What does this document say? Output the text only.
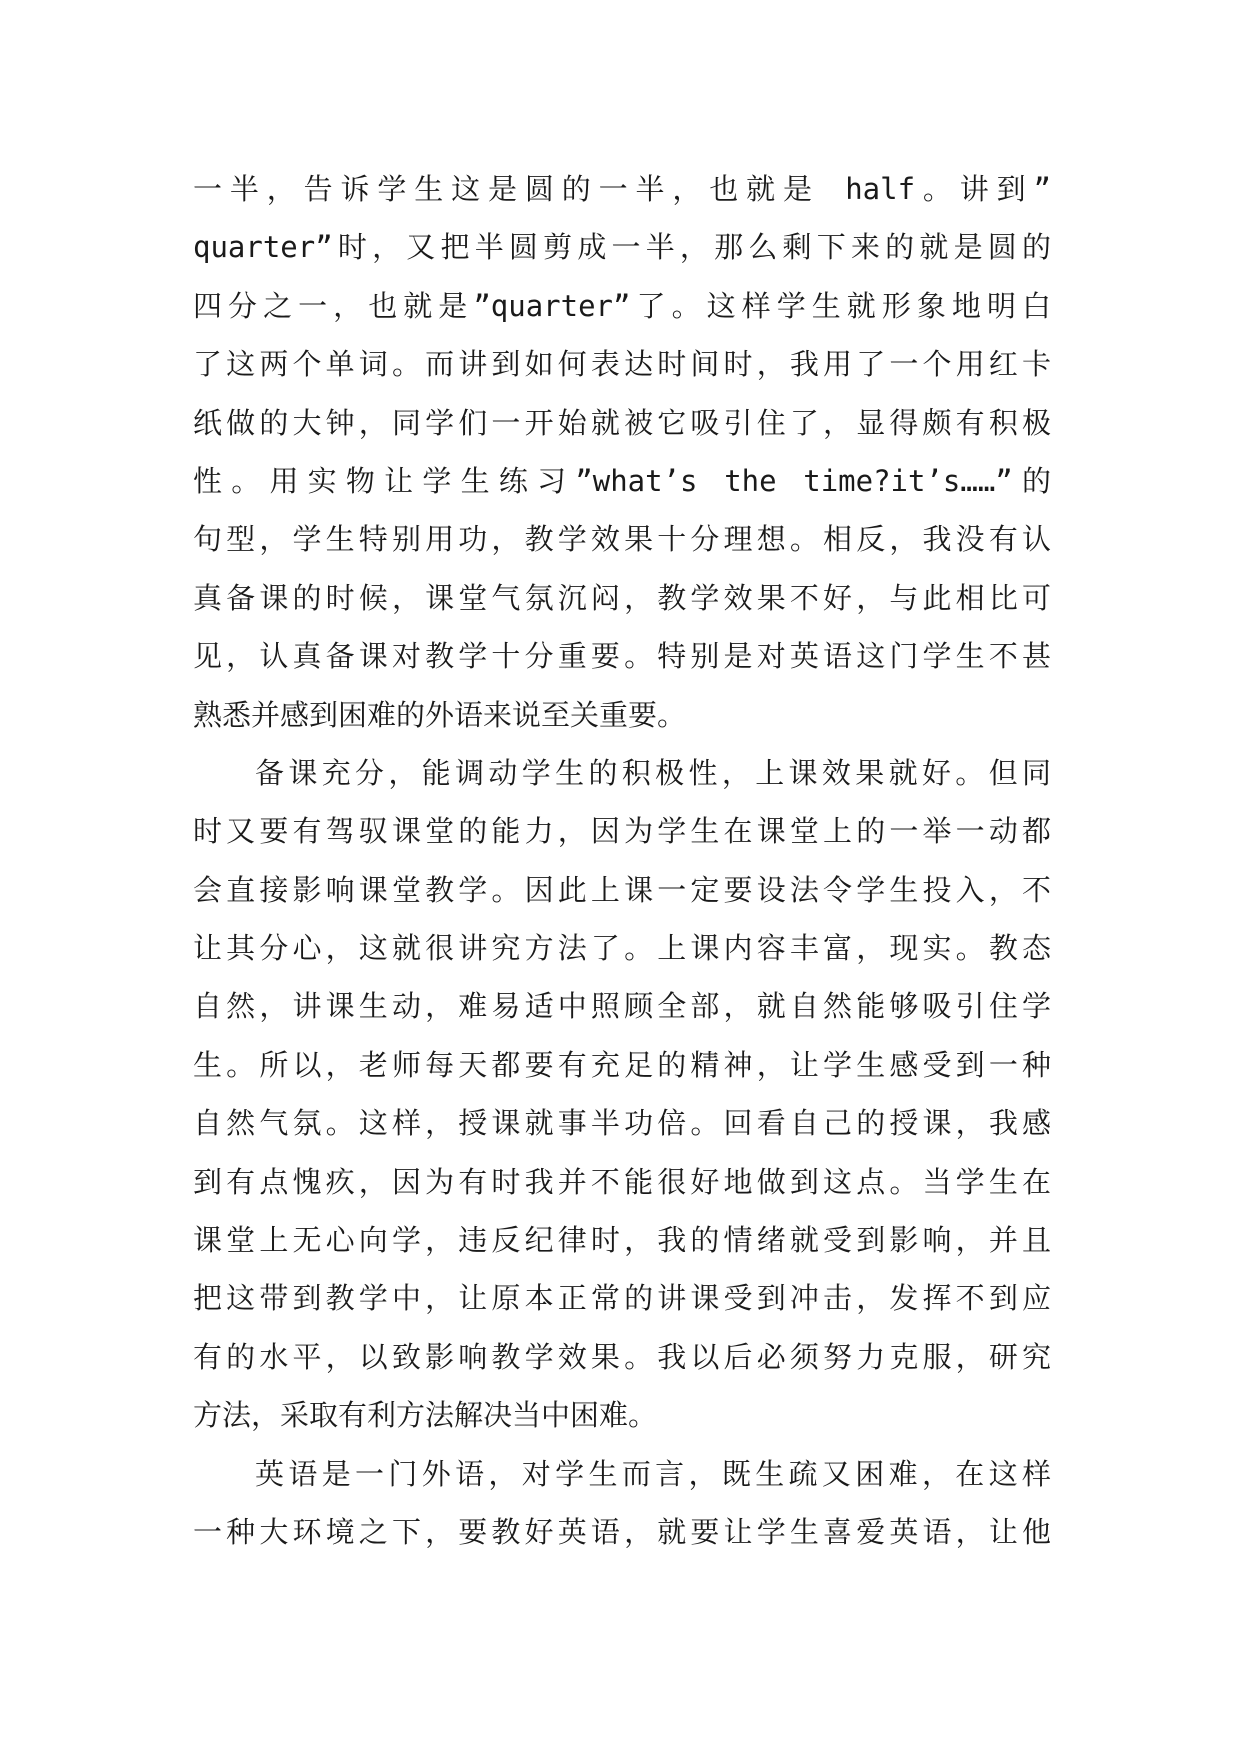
一半，告诉学生这是圆的一半，也就是 half。讲到”
quarter”时，又把半圆剪成一半，那么剩下来的就是圆的
四分之一，也就是”quarter”了。这样学生就形象地明白
了这两个单词。而讲到如何表达时间时，我用了一个用红卡
纸做的大钟，同学们一开始就被它吸引住了，显得颇有积极
性。用实物让学生练习”what’s the time?it’s……”的
句型，学生特别用功，教学效果十分理想。相反，我没有认
真备课的时候，课堂气氛沉闷，教学效果不好，与此相比可
见，认真备课对教学十分重要。特别是对英语这门学生不甚
熟悉并感到困难的外语来说至关重要。
备课充分，能调动学生的积极性，上课效果就好。但同
时又要有驾驭课堂的能力，因为学生在课堂上的一举一动都
会直接影响课堂教学。因此上课一定要设法令学生投入，不
让其分心，这就很讲究方法了。上课内容丰富，现实。教态
自然，讲课生动，难易适中照顾全部，就自然能够吸引住学
生。所以，老师每天都要有充足的精神，让学生感受到一种
自然气氛。这样，授课就事半功倍。回看自己的授课，我感
到有点愧疚，因为有时我并不能很好地做到这点。当学生在
课堂上无心向学，违反纪律时，我的情绪就受到影响，并且
把这带到教学中，让原本正常的讲课受到冲击，发挥不到应
有的水平，以致影响教学效果。我以后必须努力克服，研究
方法，采取有利方法解决当中困难。
英语是一门外语，对学生而言，既生疏又困难，在这样
一种大环境之下，要教好英语，就要让学生喜爱英语，让他
